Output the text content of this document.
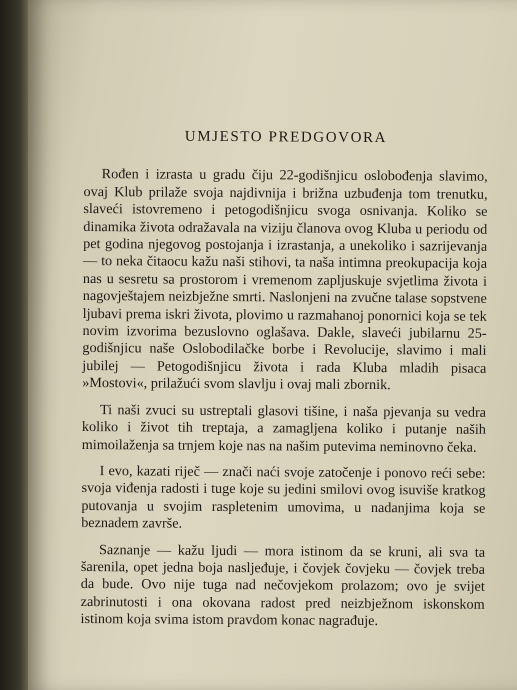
UMJESTO PREDGOVORA

Rođen i izrasta u gradu čiju 22-godišnjicu oslobođenja slavimo, ovaj Klub prilaže svoja najdivnija i brižna uzbuđenja tom trenutku, slaveći istovremeno i petogodišnjicu svoga osnivanja. Koliko se dinamika života odražavala na viziju članova ovog Kluba u periodu od pet godina njegovog postojanja i izrastanja, a unekoliko i sazrijevanja — to neka čitaocu kažu naši stihovi, ta naša intimna preokupacija koja nas u sesretu sa prostorom i vremenom zapljuskuje svjetlima života i nagovještajem neizbježne smrti. Naslonjeni na zvučne talase sopstvene ljubavi prema iskri života, plovimo u razmahanoj ponornici koja se tek novim izvorima bezuslovno oglašava. Dakle, slaveći jubilarnu 25-godišnjicu naše Oslobodilačke borbe i Revolucije, slavimo i mali jubilej — Petogodišnjicu života i rada Kluba mladih pisaca »Mostovi«, prilažući svom slavlju i ovaj mali zbornik.

Ti naši zvuci su ustreptali glasovi tišine, i naša pjevanja su vedra koliko i život tih treptaja, a zamagljena koliko i putanje naših mimoilaženja sa trnjem koje nas na našim putevima neminovno čeka.

I evo, kazati riječ — znači naći svoje zatočenje i ponovo reći sebe: svoja viđenja radosti i tuge koje su jedini smilovi ovog isuviše kratkog putovanja u svojim raspletenim umovima, u nadanjima koja se beznadem završe.

Saznanje — kažu ljudi — mora istinom da se kruni, ali sva ta šarenila, opet jedna boja nasljeđuje, i čovjek čovjeku — čovjek treba da bude. Ovo nije tuga nad nečovjekom prolazom; ovo je svijet zabrinutosti i ona okovana radost pred neizbježnom iskonskom istinom koja svima istom pravdom konac nagrađuje.
